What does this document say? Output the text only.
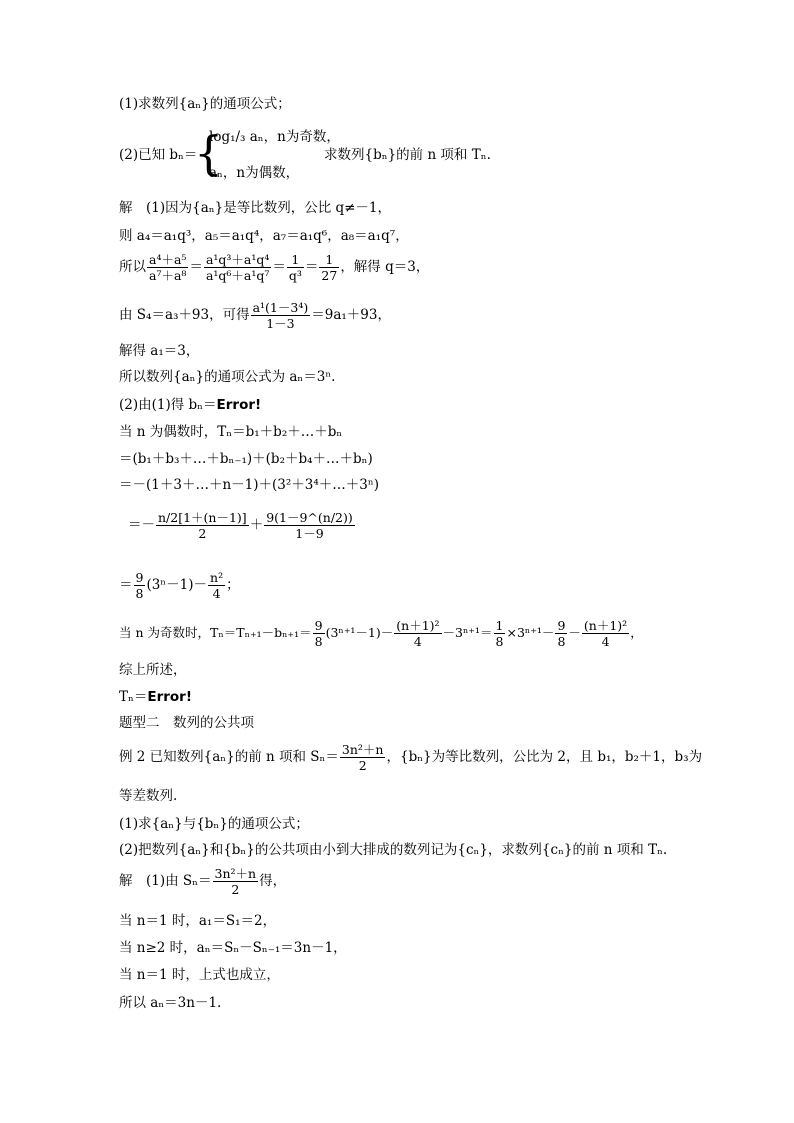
(1)求数列{aₙ}的通项公式；
(2)已知 bₙ＝
{
log₁/₃ aₙ，n为奇数，
aₙ，n为偶数，
求数列{bₙ}的前 n 项和 Tₙ.
解　(1)因为{aₙ}是等比数列，公比 q≠－1，
则 a₄＝a₁q³，a₅＝a₁q⁴，a₇＝a₁q⁶，a₈＝a₁q⁷，
所以 $\frac{\text{a⁴＋a⁵}}{\text{a⁷＋a⁸}} = \frac{\text{a¹q³＋a¹q⁴}}{\text{a¹q⁶＋a¹q⁷}} = \frac{1}{\text{q³}} = \frac{1}{27}$ ，解得 q＝3，
由 S₄＝a₃＋93，可得 $\frac{\text{a¹(1－3⁴)}}{1-3} =9a_1+93$，
解得 a₁＝3，
所以数列{aₙ}的通项公式为 aₙ＝3ⁿ.
(2)由(1)得 bₙ＝Error!
当 n 为偶数时，Tₙ＝b₁＋b₂＋…＋bₙ
＝(b₁＋b₃＋…＋bₙ₋₁)＋(b₂＋b₄＋…＋bₙ)
＝－(1＋3＋…＋n－1)＋(3²＋3⁴＋…＋3ⁿ)
＝－ $\frac{n/2[1+(n-1)]}{2} + \frac{9(1-9\^{}(n/2))}{1-9}$
＝ $\frac{9}{8} (3^n-1)- \frac{\text{n²}}{4}$ ；
当 n 为奇数时，$T_n=T_{n+1}-b_{n+1}= \frac{9}{8} (3^{n+1}-1)- \frac{\text{(n＋1)²}}{4} -3^{n+1}= \frac{1}{8} \times 3^{n+1}- \frac{9}{8} - \frac{\text{(n＋1)²}}{4}$ ，
综上所述，
Tₙ＝Error!
题型二　数列的公共项
例 2 已知数列{aₙ}的前 n 项和 $S_n= \frac{\text{3n²＋n}}{2}$ ，{bₙ}为等比数列，公比为 2，且 b₁，b₂＋1，b₃为
等差数列.
(1)求{aₙ}与{bₙ}的通项公式；
(2)把数列{aₙ}和{bₙ}的公共项由小到大排成的数列记为{cₙ}，求数列{cₙ}的前 n 项和 Tₙ.
解　(1)由 $S_n= \frac{\text{3n²＋n}}{2}$ 得，
当 n＝1 时，a₁＝S₁＝2，
当 n≥2 时，aₙ＝Sₙ－Sₙ₋₁＝3n－1，
当 n＝1 时，上式也成立，
所以 aₙ＝3n－1.
